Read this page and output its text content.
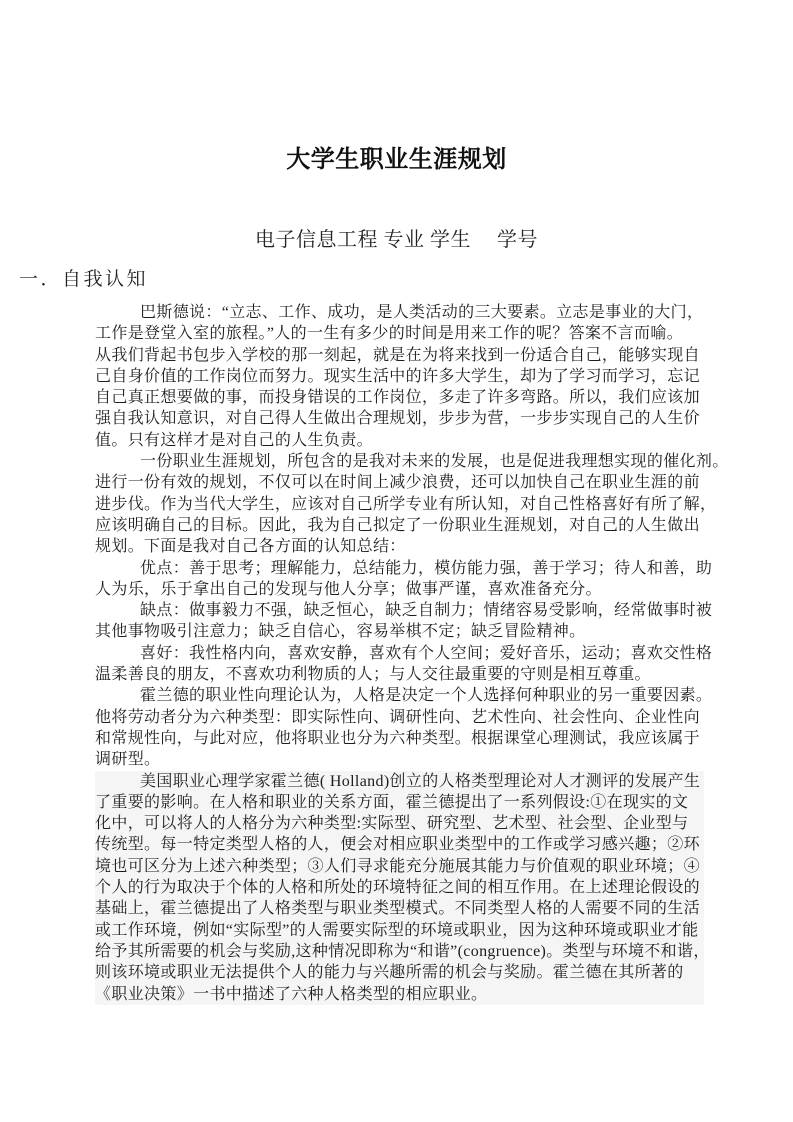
大学生职业生涯规划
电子信息工程 专业 学生　 学号
一．自我认知
巴斯德说：“立志、工作、成功，是人类活动的三大要素。立志是事业的大门，
工作是登堂入室的旅程。”人的一生有多少的时间是用来工作的呢？答案不言而喻。
从我们背起书包步入学校的那一刻起，就是在为将来找到一份适合自己，能够实现自
己自身价值的工作岗位而努力。现实生活中的许多大学生，却为了学习而学习，忘记
自己真正想要做的事，而投身错误的工作岗位，多走了许多弯路。所以，我们应该加
强自我认知意识，对自己得人生做出合理规划，步步为营，一步步实现自己的人生价
值。只有这样才是对自己的人生负责。
一份职业生涯规划，所包含的是我对未来的发展，也是促进我理想实现的催化剂。
进行一份有效的规划，不仅可以在时间上减少浪费，还可以加快自己在职业生涯的前
进步伐。作为当代大学生，应该对自己所学专业有所认知，对自己性格喜好有所了解，
应该明确自己的目标。因此，我为自己拟定了一份职业生涯规划，对自己的人生做出
规划。下面是我对自己各方面的认知总结：
优点：善于思考；理解能力，总结能力，模仿能力强，善于学习；待人和善，助
人为乐，乐于拿出自己的发现与他人分享；做事严谨，喜欢准备充分。
缺点：做事毅力不强，缺乏恒心，缺乏自制力；情绪容易受影响，经常做事时被
其他事物吸引注意力；缺乏自信心，容易举棋不定；缺乏冒险精神。
喜好：我性格内向，喜欢安静，喜欢有个人空间；爱好音乐，运动；喜欢交性格
温柔善良的朋友，不喜欢功利物质的人；与人交往最重要的守则是相互尊重。
霍兰德的职业性向理论认为，人格是决定一个人选择何种职业的另一重要因素。
他将劳动者分为六种类型：即实际性向、调研性向、艺术性向、社会性向、企业性向
和常规性向，与此对应，他将职业也分为六种类型。根据课堂心理测试，我应该属于
调研型。
美国职业心理学家霍兰德( Holland)创立的人格类型理论对人才测评的发展产生
了重要的影响。在人格和职业的关系方面，霍兰德提出了一系列假设:①在现实的文
化中，可以将人的人格分为六种类型:实际型、研究型、艺术型、社会型、企业型与
传统型。每一特定类型人格的人，便会对相应职业类型中的工作或学习感兴趣；②环
境也可区分为上述六种类型；③人们寻求能充分施展其能力与价值观的职业环境；④
个人的行为取决于个体的人格和所处的环境特征之间的相互作用。在上述理论假设的
基础上，霍兰德提出了人格类型与职业类型模式。不同类型人格的人需要不同的生活
或工作环境，例如“实际型”的人需要实际型的环境或职业，因为这种环境或职业才能
给予其所需要的机会与奖励,这种情况即称为“和谐”(congruence)。类型与环境不和谐，
则该环境或职业无法提供个人的能力与兴趣所需的机会与奖励。霍兰德在其所著的
《职业决策》一书中描述了六种人格类型的相应职业。
